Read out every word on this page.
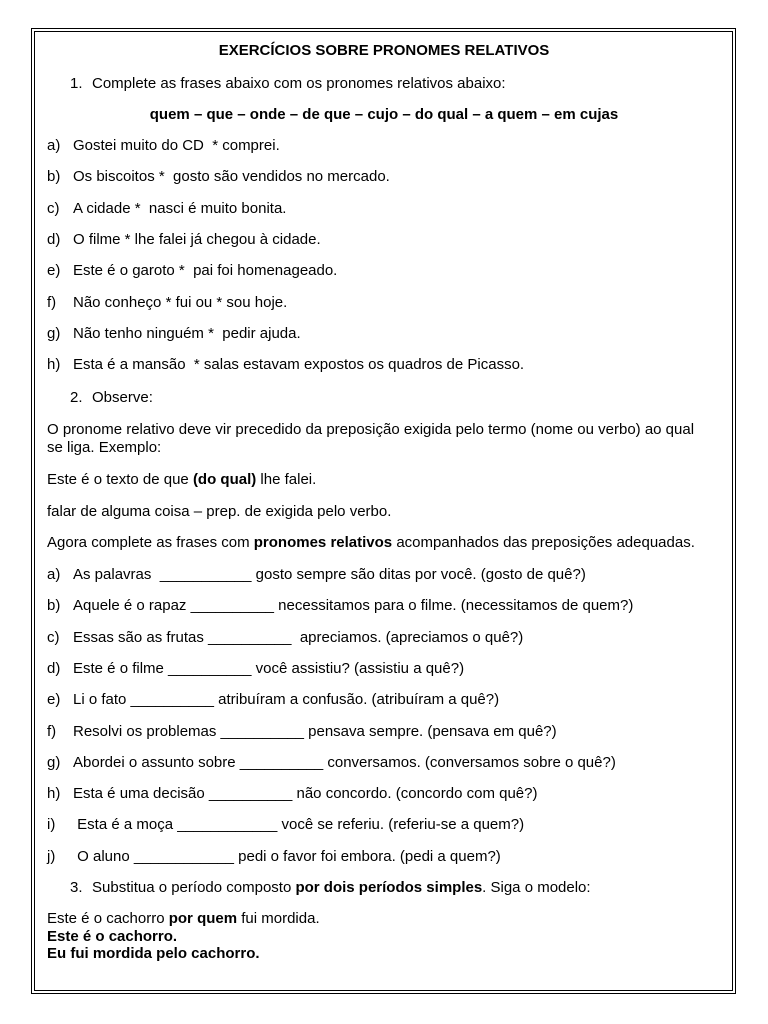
EXERCÍCIOS SOBRE PRONOMES RELATIVOS
1. Complete as frases abaixo com os pronomes relativos abaixo:
quem – que – onde – de que – cujo – do qual – a quem – em cujas
a) Gostei muito do CD  * comprei.
b) Os biscoitos *  gosto são vendidos no mercado.
c) A cidade *  nasci é muito bonita.
d) O filme * lhe falei já chegou à cidade.
e) Este é o garoto *  pai foi homenageado.
f) Não conheço * fui ou * sou hoje.
g) Não tenho ninguém *  pedir ajuda.
h) Esta é a mansão  * salas estavam expostos os quadros de Picasso.
2. Observe:
O pronome relativo deve vir precedido da preposição exigida pelo termo (nome ou verbo) ao qual
se liga. Exemplo:
Este é o texto de que (do qual) lhe falei.
falar de alguma coisa – prep. de exigida pelo verbo.
Agora complete as frases com pronomes relativos acompanhados das preposições adequadas.
a) As palavras  ___________ gosto sempre são ditas por você. (gosto de quê?)
b) Aquele é o rapaz __________ necessitamos para o filme. (necessitamos de quem?)
c) Essas são as frutas __________  apreciamos. (apreciamos o quê?)
d) Este é o filme __________ você assistiu? (assistiu a quê?)
e) Li o fato __________ atribuíram a confusão. (atribuíram a quê?)
f) Resolvi os problemas __________ pensava sempre. (pensava em quê?)
g) Abordei o assunto sobre __________ conversamos. (conversamos sobre o quê?)
h) Esta é uma decisão __________ não concordo. (concordo com quê?)
i) Esta é a moça ____________ você se referiu. (referiu-se a quem?)
j) O aluno ____________ pedi o favor foi embora. (pedi a quem?)
3. Substitua o período composto por dois períodos simples. Siga o modelo:
Este é o cachorro por quem fui mordida.
Este é o cachorro.
Eu fui mordida pelo cachorro.
